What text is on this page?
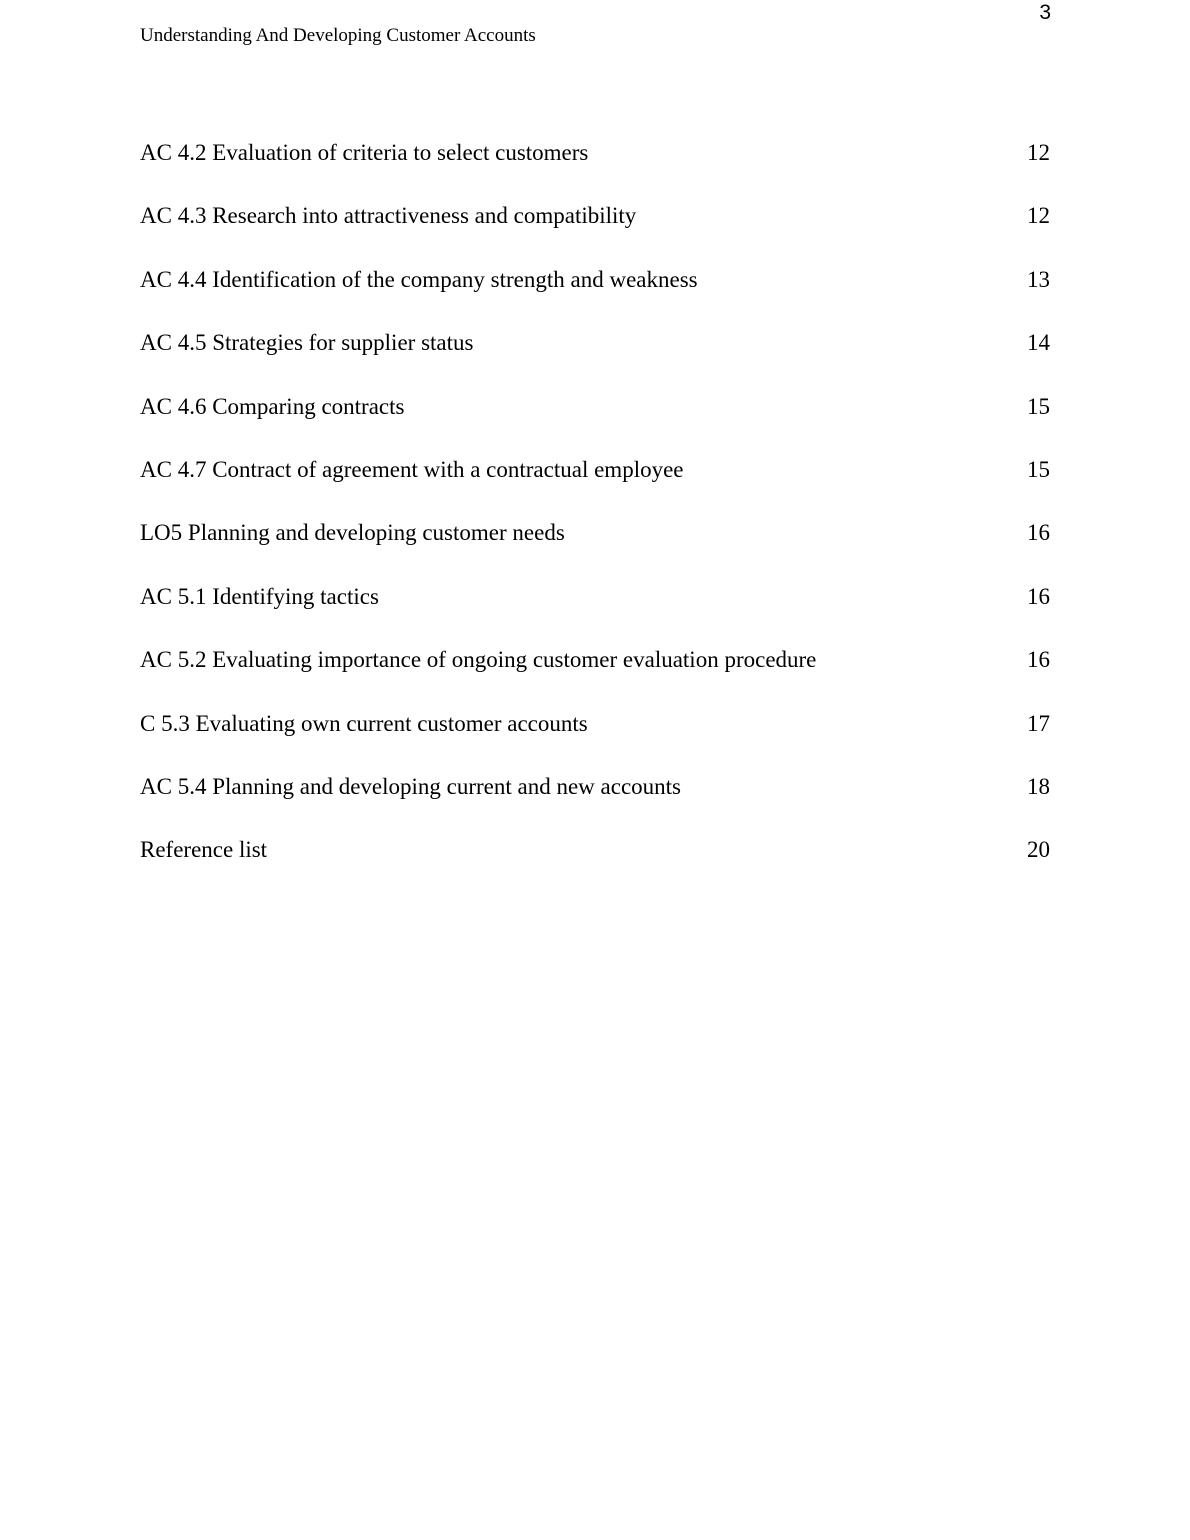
3
Understanding And Developing Customer Accounts
AC 4.2 Evaluation of criteria to select customers	12
AC 4.3 Research into attractiveness and compatibility	12
AC 4.4 Identification of the company strength and weakness	13
AC 4.5 Strategies for supplier status	14
AC 4.6 Comparing contracts	15
AC 4.7 Contract of agreement with a contractual employee	15
LO5 Planning and developing customer needs	16
AC 5.1 Identifying tactics	16
AC 5.2 Evaluating importance of ongoing customer evaluation procedure	16
C 5.3 Evaluating own current customer accounts	17
AC 5.4 Planning and developing current and new accounts	18
Reference list	20
